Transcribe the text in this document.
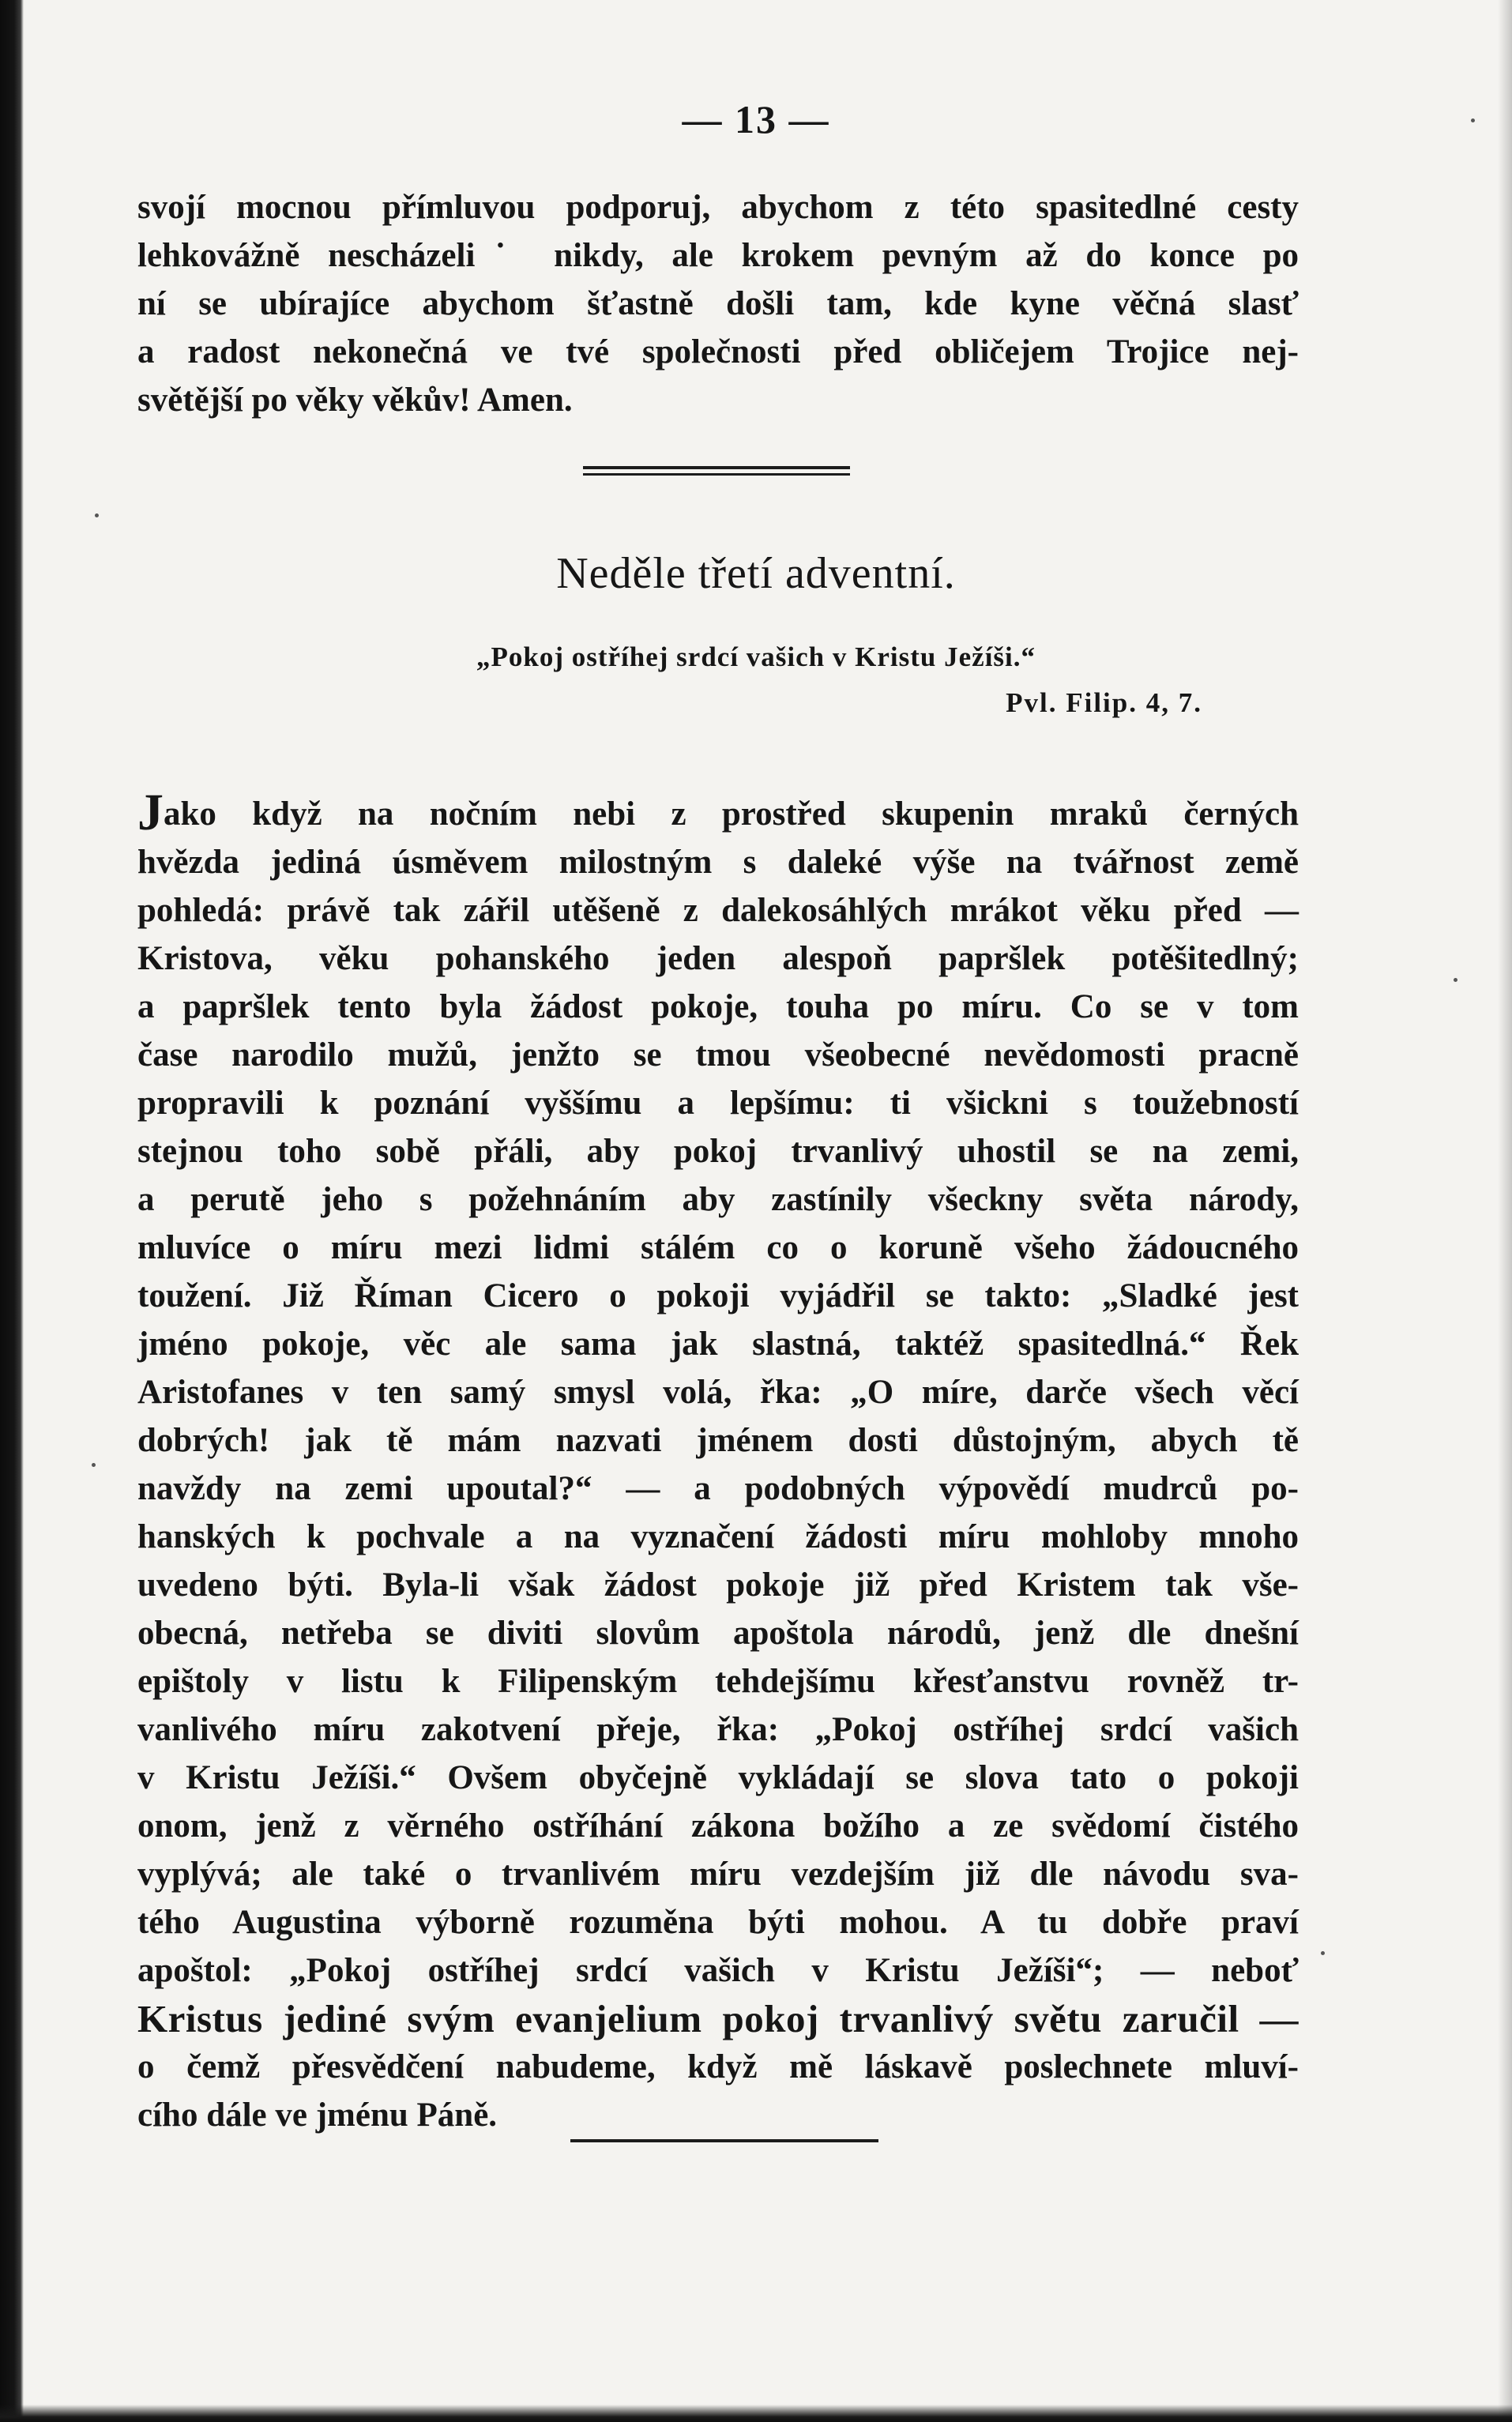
— 13 —
svojí mocnou přímluvou podporuj, abychom z této spasitedlné cesty
lehkovážně nescházeli˙ nikdy, ale krokem pevným až do konce po
ní se ubírajíce abychom šťastně došli tam, kde kyne věčná slasť
a radost nekonečná ve tvé společnosti před obličejem Trojice nej-
světější po věky věkův! Amen.
Neděle třetí adventní.
„Pokoj ostříhej srdcí vašich v Kristu Ježíši.“
Pvl. Filip. 4, 7.
Jako když na nočním nebi z prostřed skupenin mraků černých
hvězda jediná úsměvem milostným s daleké výše na tvářnost země
pohledá: právě tak zářil utěšeně z dalekosáhlých mrákot věku před —
Kristova, věku pohanského jeden alespoň papršlek potěšitedlný;
a papršlek tento byla žádost pokoje, touha po míru. Co se v tom
čase narodilo mužů, jenžto se tmou všeobecné nevědomosti pracně
propravili k poznání vyššímu a lepšímu: ti všickni s toužebností
stejnou toho sobě přáli, aby pokoj trvanlivý uhostil se na zemi,
a perutě jeho s požehnáním aby zastínily všeckny světa národy,
mluvíce o míru mezi lidmi stálém co o koruně všeho žádoucného
toužení. Již Říman Cicero o pokoji vyjádřil se takto: „Sladké jest
jméno pokoje, věc ale sama jak slastná, taktéž spasitedlná.“ Řek
Aristofanes v ten samý smysl volá, řka: „O míre, darče všech věcí
dobrých! jak tě mám nazvati jménem dosti důstojným, abych tě
navždy na zemi upoutal?“ — a podobných výpovědí mudrců po-
hanských k pochvale a na vyznačení žádosti míru mohloby mnoho
uvedeno býti. Byla-li však žádost pokoje již před Kristem tak vše-
obecná, netřeba se diviti slovům apoštola národů, jenž dle dnešní
epištoly v listu k Filipenským tehdejšímu křesťanstvu rovněž tr-
vanlivého míru zakotvení přeje, řka: „Pokoj ostříhej srdcí vašich
v Kristu Ježíši.“ Ovšem obyčejně vykládají se slova tato o pokoji
onom, jenž z věrného ostříhání zákona božího a ze svědomí čistého
vyplývá; ale také o trvanlivém míru vezdejším již dle návodu sva-
tého Augustina výborně rozuměna býti mohou. A tu dobře praví
apoštol: „Pokoj ostříhej srdcí vašich v Kristu Ježíši“; — neboť
Kristus jediné svým evanjelium pokoj trvanlivý světu zaručil —
o čemž přesvědčení nabudeme, když mě láskavě poslechnete mluví-
cího dále ve jménu Páně.
